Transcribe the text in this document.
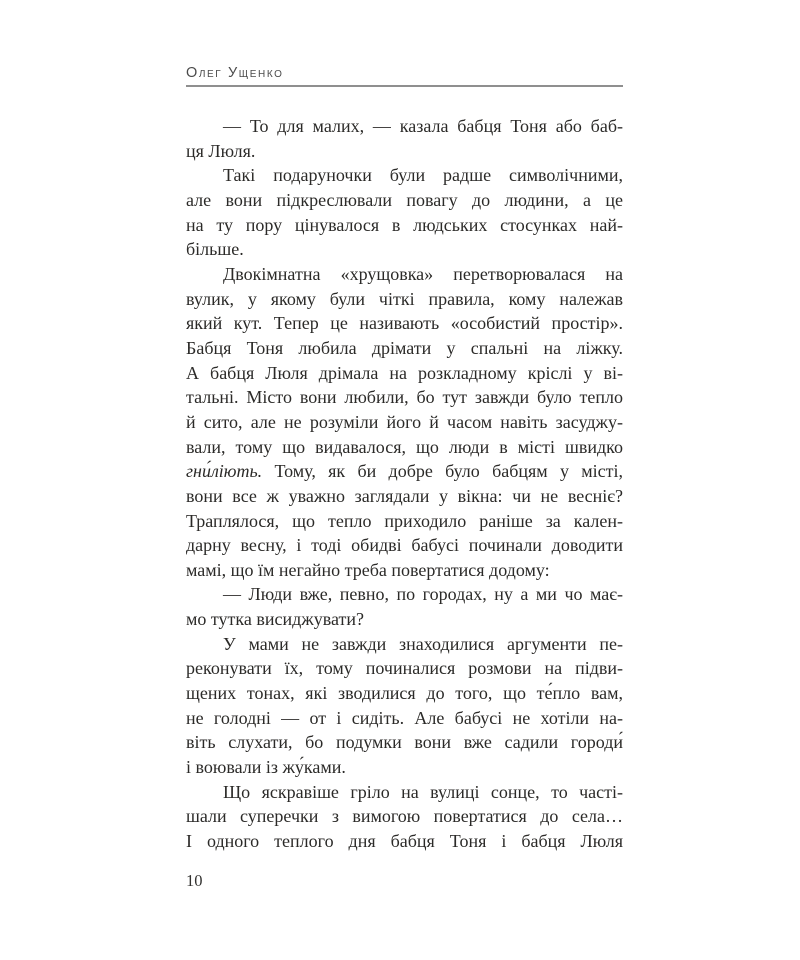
Олег Ущенко
— То для малих, — казала бабця Тоня або баб-
ця Люля.
Такі подаруночки були радше символічними,
але вони підкреслювали повагу до людини, а це
на ту пору цінувалося в людських стосунках най-
більше.
Двокімнатна «хрущовка» перетворювалася на
вулик, у якому були чіткі правила, кому належав
який кут. Тепер це називають «особистий простір».
Бабця Тоня любила дрімати у спальні на ліжку.
А бабця Люля дрімала на розкладному кріслі у ві-
тальні. Місто вони любили, бо тут завжди було тепло
й сито, але не розуміли його й часом навіть засуджу-
вали, тому що видавалося, що люди в місті швидко
гни́ліють. Тому, як би добре було бабцям у місті,
вони все ж уважно заглядали у вікна: чи не весніє?
Траплялося, що тепло приходило раніше за кален-
дарну весну, і тоді обидві бабусі починали доводити
мамі, що їм негайно треба повертатися додому:
— Люди вже, певно, по городах, ну а ми чо має-
мо тутка висиджувати?
У мами не завжди знаходилися аргументи пе-
реконувати їх, тому починалися розмови на підви-
щених тонах, які зводилися до того, що те́пло вам,
не голодні — от і сидіть. Але бабусі не хотіли на-
віть слухати, бо подумки вони вже садили городи́
і воювали із жу́ками.
Що яскравіше гріло на вулиці сонце, то часті-
шали суперечки з вимогою повертатися до села…
І одного теплого дня бабця Тоня і бабця Люля
10
